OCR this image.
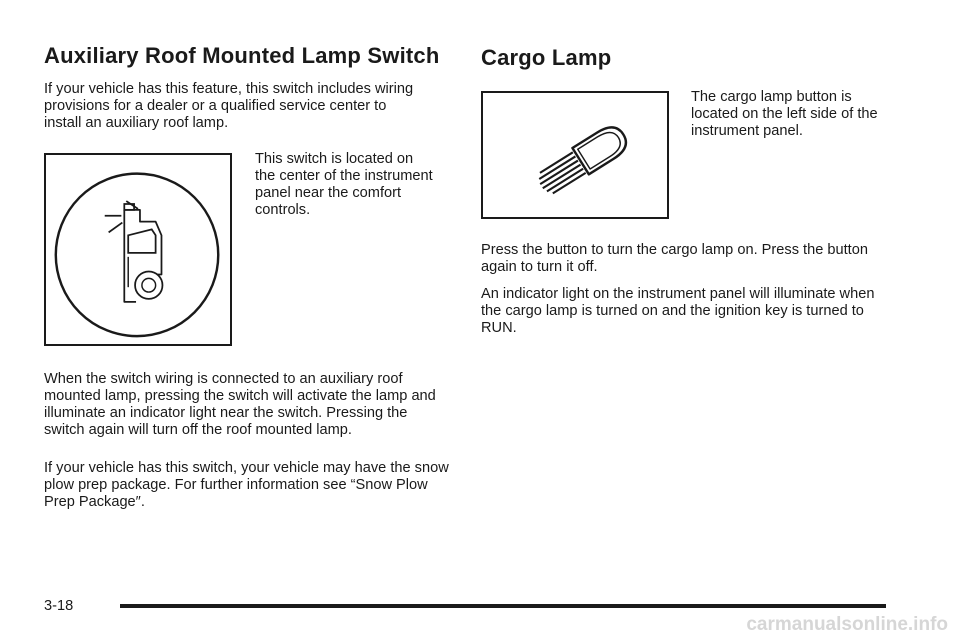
Auxiliary Roof Mounted Lamp Switch

If your vehicle has this feature, this switch includes wiring provisions for a dealer or a qualified service center to install an auxiliary roof lamp.

This switch is located on the center of the instrument panel near the comfort controls.

When the switch wiring is connected to an auxiliary roof mounted lamp, pressing the switch will activate the lamp and illuminate an indicator light near the switch. Pressing the switch again will turn off the roof mounted lamp.

If your vehicle has this switch, your vehicle may have the snow plow prep package. For further information see “Snow Plow Prep Package″.

Cargo Lamp

The cargo lamp button is located on the left side of the instrument panel.

Press the button to turn the cargo lamp on. Press the button again to turn it off.

An indicator light on the instrument panel will illuminate when the cargo lamp is turned on and the ignition key is turned to RUN.

3-18

carmanualsonline.info
